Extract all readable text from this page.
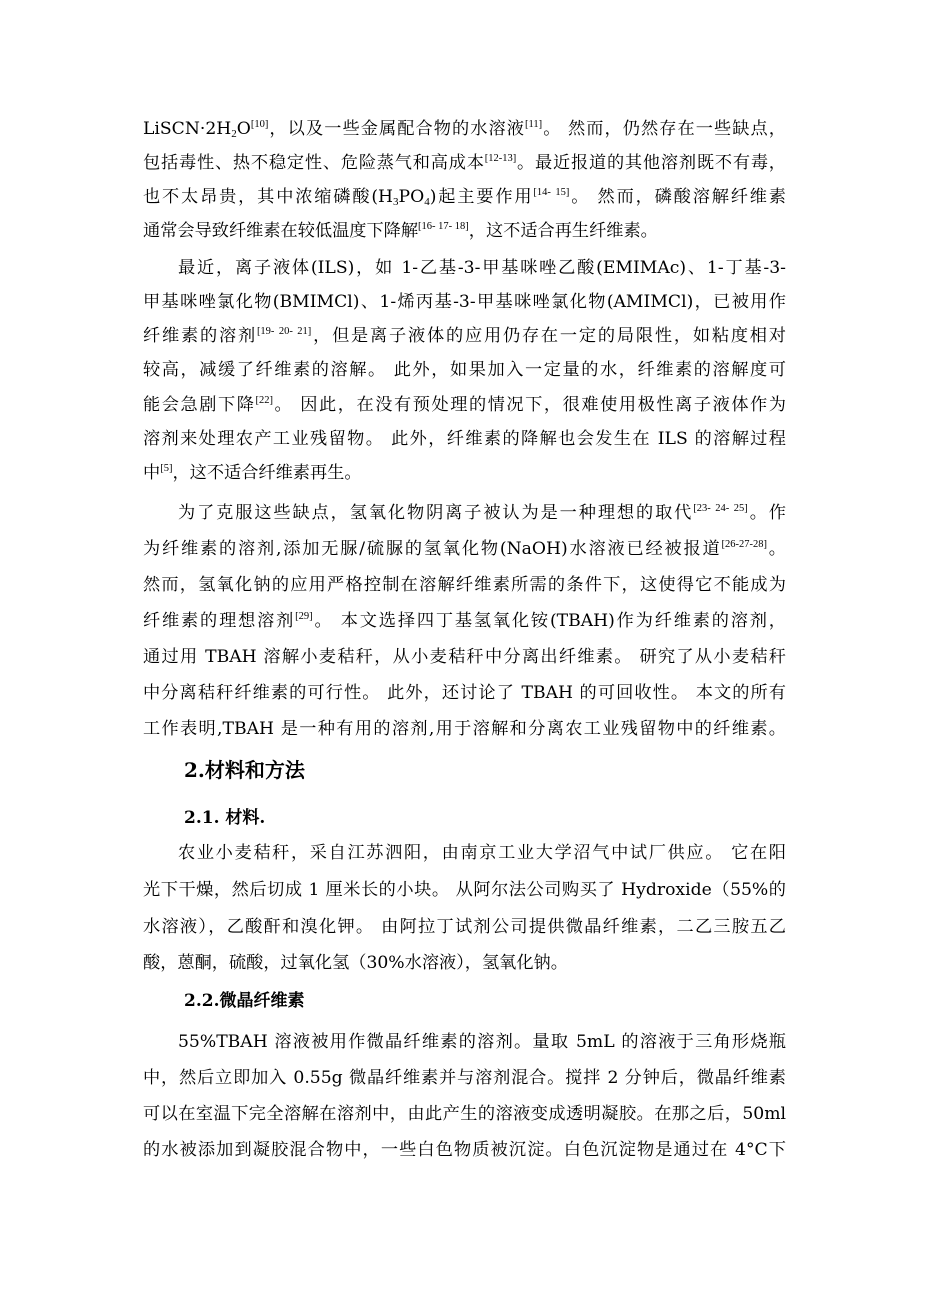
$LiSCN\cdot 2H_2O[10]$，以及一些金属配合物的水溶液[11]。 然而，仍然存在一些缺点，
包括毒性、热不稳定性、危险蒸气和高成本[12-13]。最近报道的其他溶剂既不有毒，
也不太昂贵，其中浓缩磷酸$(H_3PO_4)$起主要作用[14- 15]。 然而，磷酸溶解纤维素
通常会导致纤维素在较低温度下降解[16- 17- 18]，这不适合再生纤维素。
最近，离子液体(ILS)，如 1-乙基-3-甲基咪唑乙酸(EMIMAc)、1-丁基-3-
甲基咪唑氯化物(BMIMCl)、1-烯丙基-3-甲基咪唑氯化物(AMIMCl)，已被用作
纤维素的溶剂[19- 20- 21]，但是离子液体的应用仍存在一定的局限性，如粘度相对
较高，减缓了纤维素的溶解。 此外，如果加入一定量的水，纤维素的溶解度可
能会急剧下降[22]。 因此，在没有预处理的情况下，很难使用极性离子液体作为
溶剂来处理农产工业残留物。 此外，纤维素的降解也会发生在 ILS 的溶解过程
中[5]，这不适合纤维素再生。
为了克服这些缺点，氢氧化物阴离子被认为是一种理想的取代[23- 24- 25]。作
为纤维素的溶剂,添加无脲/硫脲的氢氧化物(NaOH)水溶液已经被报道[26-27-28]。
然而，氢氧化钠的应用严格控制在溶解纤维素所需的条件下，这使得它不能成为
纤维素的理想溶剂[29]。 本文选择四丁基氢氧化铵(TBAH)作为纤维素的溶剂，
通过用 TBAH 溶解小麦秸秆，从小麦秸秆中分离出纤维素。 研究了从小麦秸秆
中分离秸秆纤维素的可行性。 此外，还讨论了 TBAH 的可回收性。 本文的所有
工作表明,TBAH 是一种有用的溶剂,用于溶解和分离农工业残留物中的纤维素。
2.材料和方法
2.1. 材料.
农业小麦秸秆，采自江苏泗阳，由南京工业大学沼气中试厂供应。 它在阳
光下干燥，然后切成 1 厘米长的小块。 从阿尔法公司购买了 Hydroxide（55%的
水溶液），乙酸酐和溴化钾。 由阿拉丁试剂公司提供微晶纤维素，二乙三胺五乙
酸，蒽酮，硫酸，过氧化氢（30%水溶液），氢氧化钠。
2.2.微晶纤维素
55%TBAH 溶液被用作微晶纤维素的溶剂。量取 5mL 的溶液于三角形烧瓶
中，然后立即加入 0.55g 微晶纤维素并与溶剂混合。搅拌 2 分钟后，微晶纤维素
可以在室温下完全溶解在溶剂中，由此产生的溶液变成透明凝胶。在那之后，50ml
的水被添加到凝胶混合物中，一些白色物质被沉淀。白色沉淀物是通过在 4°C下
